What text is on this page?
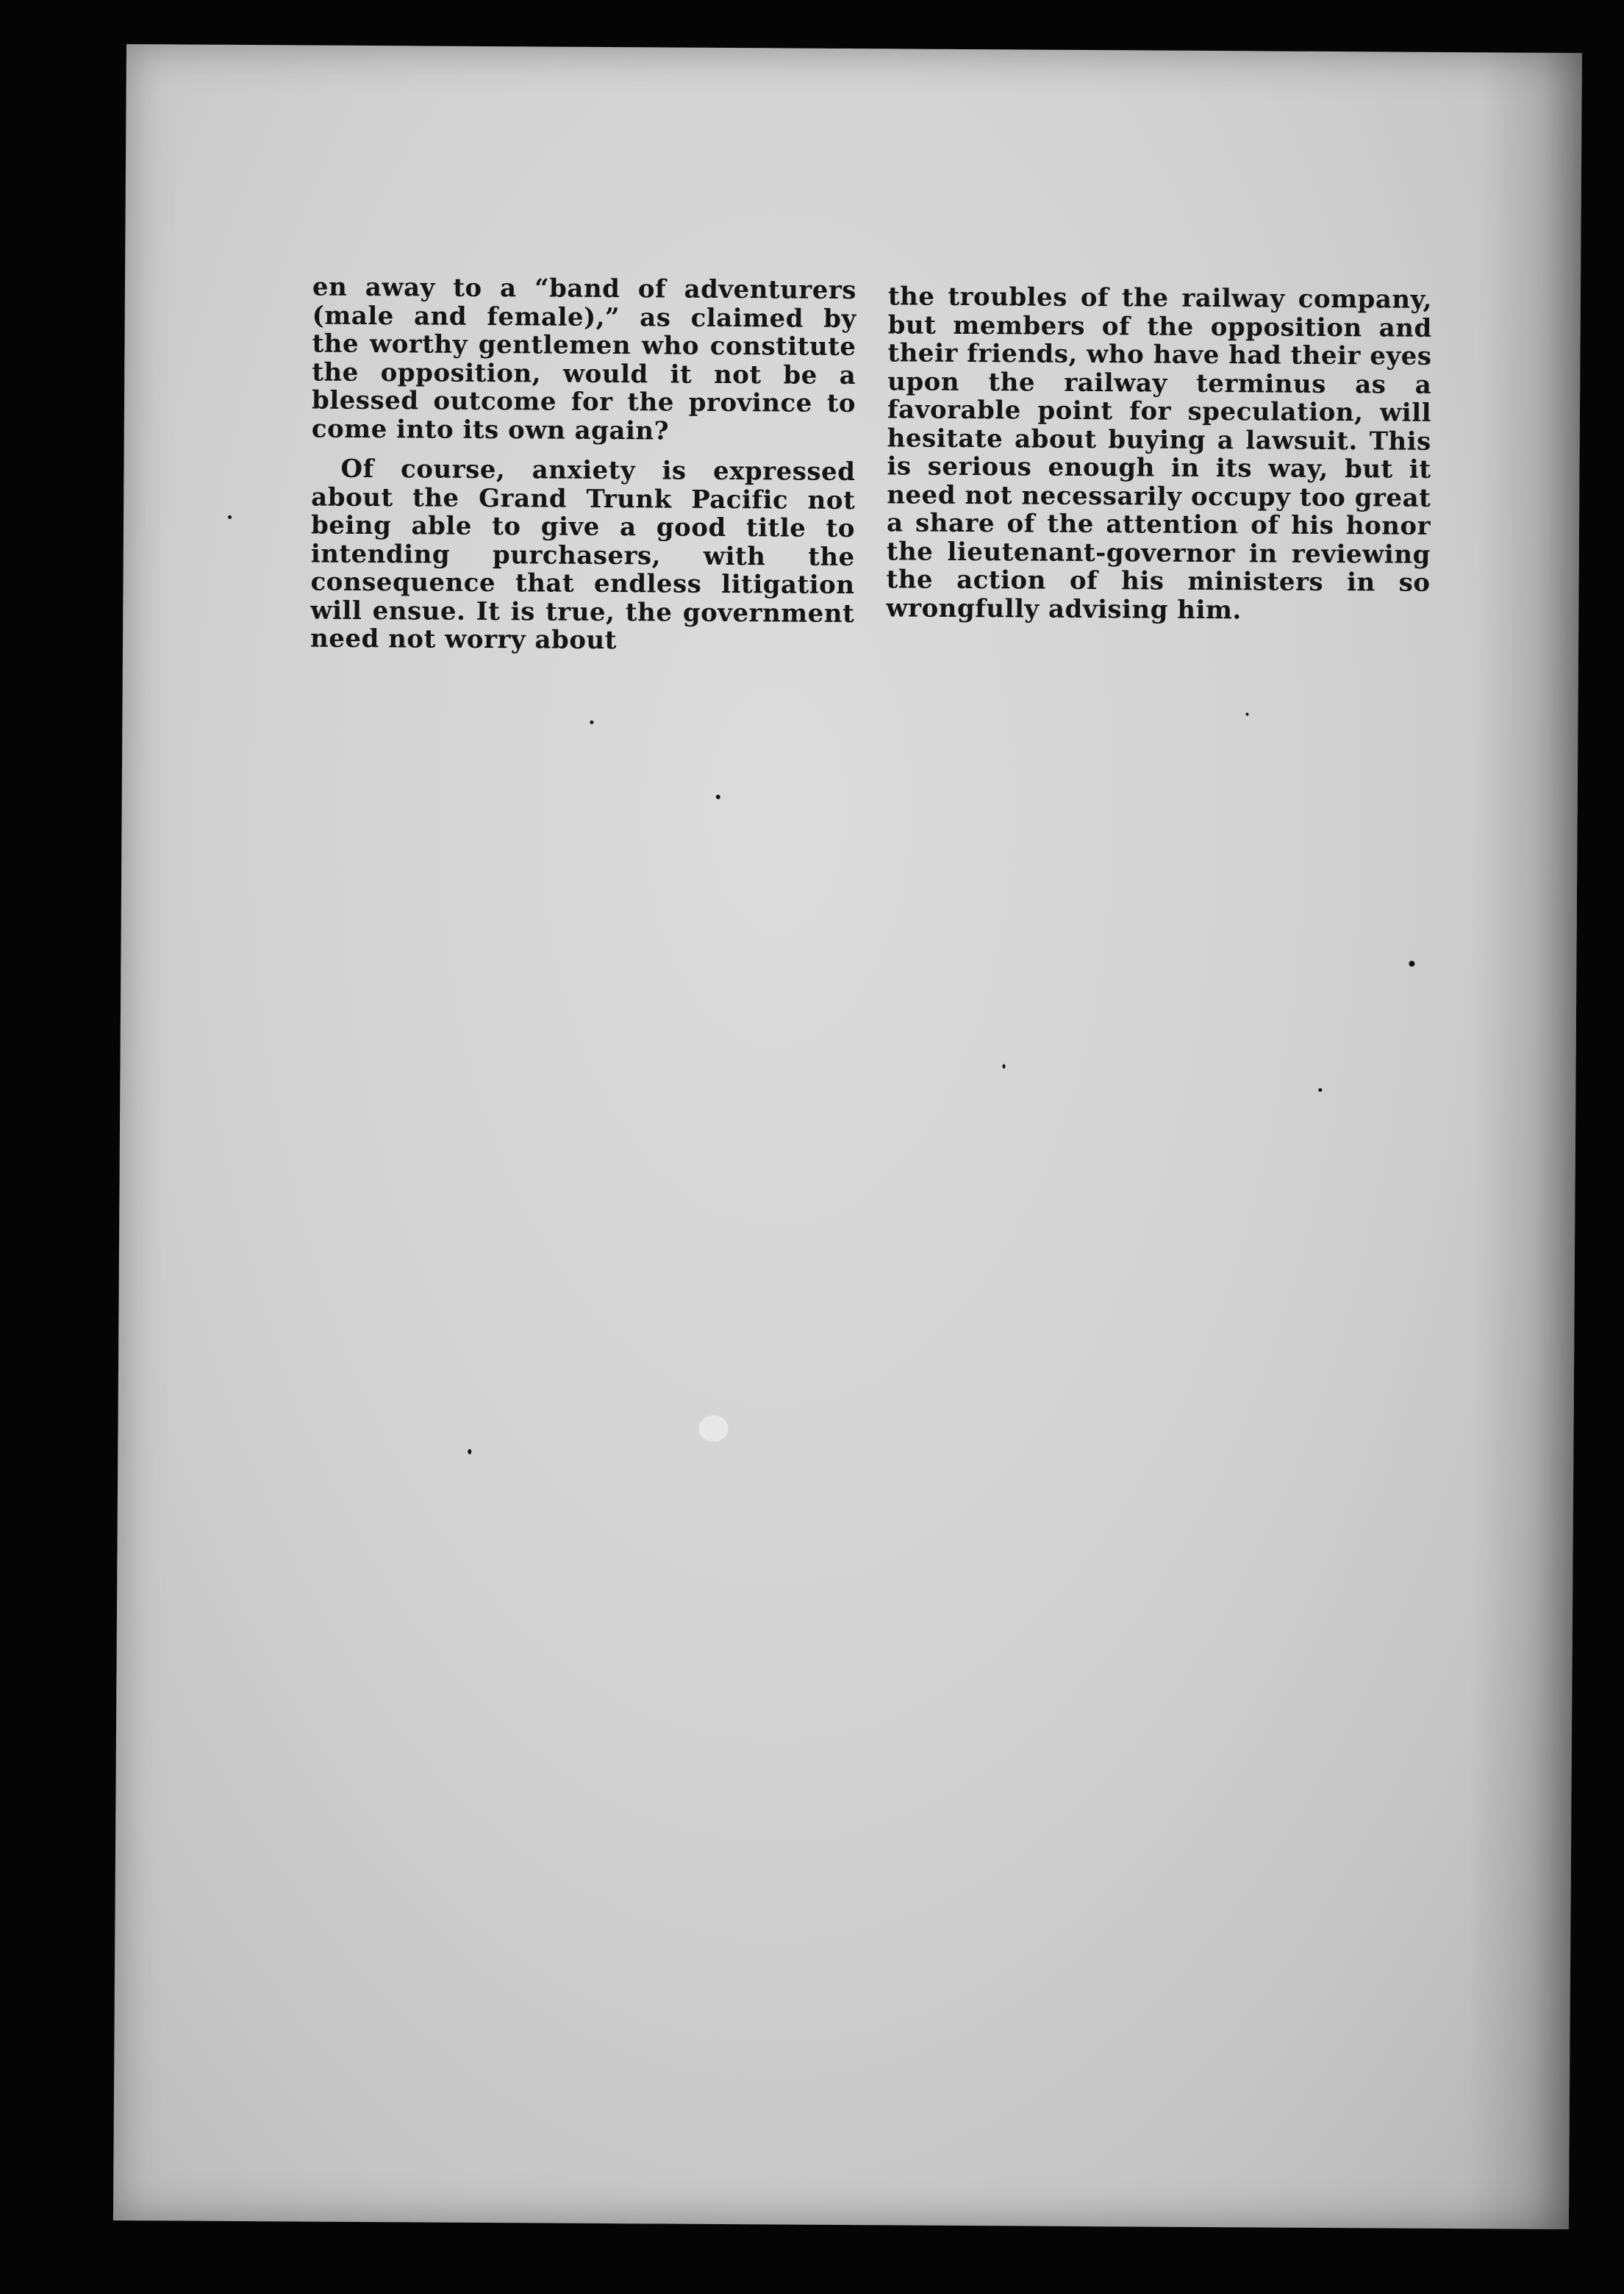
en away to a “band of adventurers (male and female),” as claimed by the worthy gentlemen who constitute the opposition, would it not be a blessed outcome for the province to come into its own again?

Of course, anxiety is expressed about the Grand Trunk Pacific not being able to give a good title to intending purchasers, with the consequence that endless litigation will ensue. It is true, the government need not worry about

the troubles of the railway company, but members of the opposition and their friends, who have had their eyes upon the railway terminus as a favorable point for speculation, will hesitate about buying a lawsuit. This is serious enough in its way, but it need not necessarily occupy too great a share of the attention of his honor the lieutenant-governor in reviewing the action of his ministers in so wrongfully advising him.
